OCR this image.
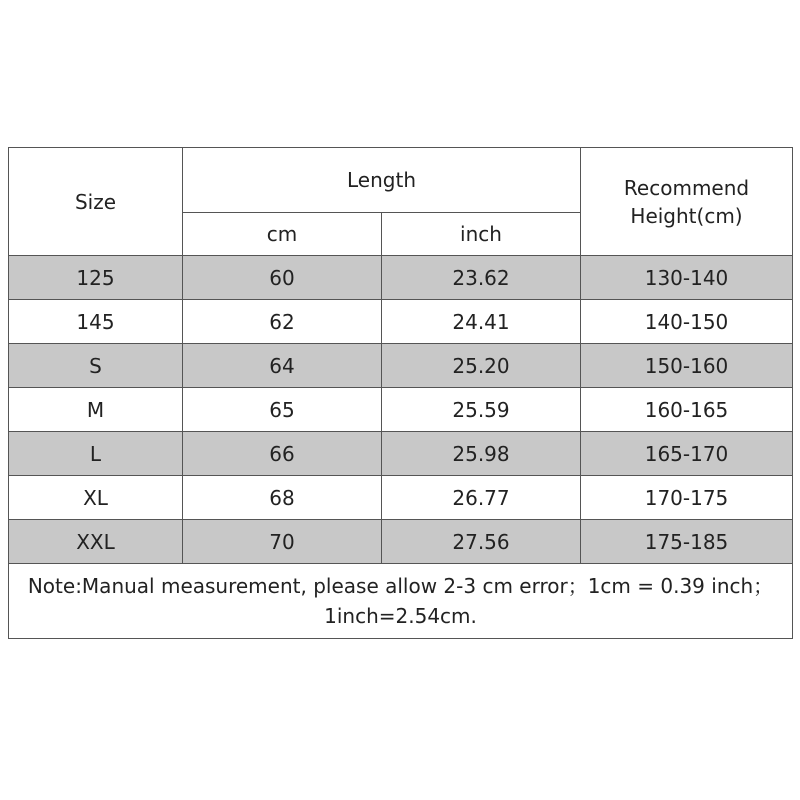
Size	Length		Recommend
Height(cm)
	cm	inch	
125	60	23.62	130-140
145	62	24.41	140-150
S	64	25.20	150-160
M	65	25.59	160-165
L	66	25.98	165-170
XL	68	26.77	170-175
XXL	70	27.56	175-185
Note:Manual measurement, please allow 2-3 cm error；1cm = 0.39 inch；1inch=2.54cm.			
